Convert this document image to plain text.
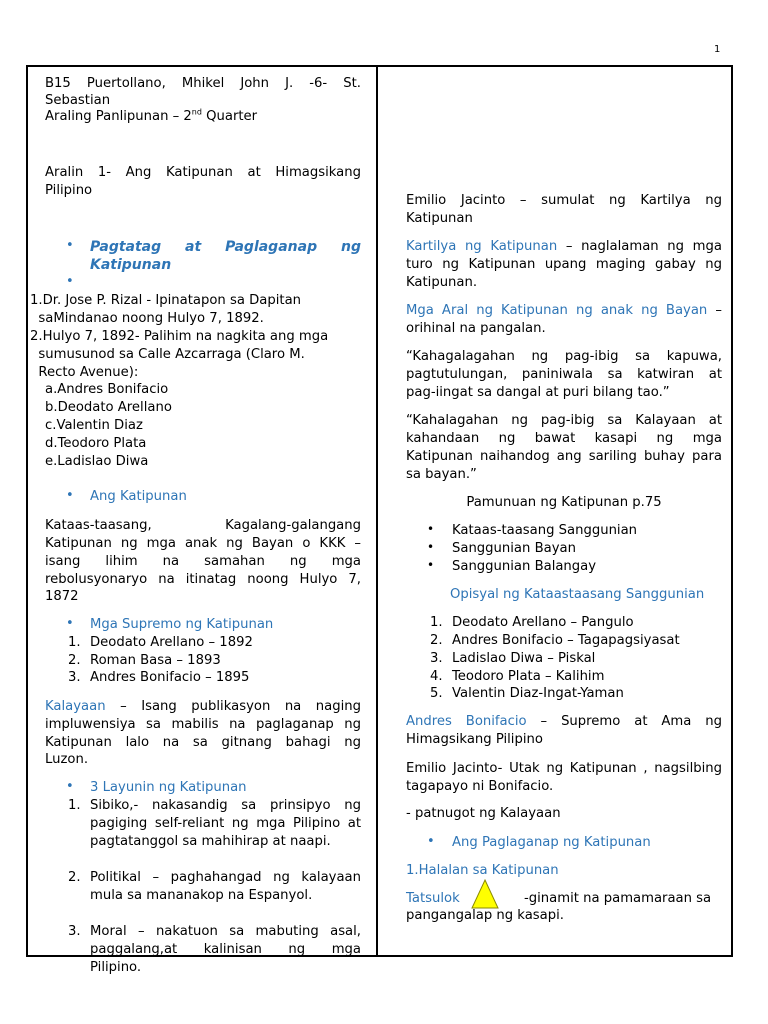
1
B15 Puertollano, Mhikel John J. -6- St.
Sebastian
Araling Panlipunan – 2nd Quarter
Aralin 1- Ang Katipunan at Himagsikang
Pilipino
• Pagtatag at Paglaganap ng
Katipunan
•
1.Dr. Jose P. Rizal - Ipinatapon sa Dapitan
saMindanao noong Hulyo 7, 1892.
2.Hulyo 7, 1892- Palihim na nagkita ang mga
sumusunod sa Calle Azcarraga (Claro M.
Recto Avenue):
a.Andres Bonifacio
b.Deodato Arellano
c.Valentin Diaz
d.Teodoro Plata
e.Ladislao Diwa
• Ang Katipunan
Kataas-taasang, Kagalang-galangang
Katipunan ng mga anak ng Bayan o KKK –
isang lihim na samahan ng mga
rebolusyonaryo na itinatag noong Hulyo 7,
1872
• Mga Supremo ng Katipunan
1. Deodato Arellano – 1892
2. Roman Basa – 1893
3. Andres Bonifacio – 1895
Kalayaan – Isang publikasyon na naging
impluwensiya sa mabilis na paglaganap ng
Katipunan lalo na sa gitnang bahagi ng
Luzon.
• 3 Layunin ng Katipunan
1. Sibiko,- nakasandig sa prinsipyo ng
pagiging self-reliant ng mga Pilipino at
pagtatanggol sa mahihirap at naapi.
2. Politikal – paghahangad ng kalayaan
mula sa mananakop na Espanyol.
3. Moral – nakatuon sa mabuting asal,
paggalang,at kalinisan ng mga
Pilipino.
Emilio Jacinto – sumulat ng Kartilya ng
Katipunan
Kartilya ng Katipunan – naglalaman ng mga
turo ng Katipunan upang maging gabay ng
Katipunan.
Mga Aral ng Katipunan ng anak ng Bayan –
orihinal na pangalan.
“Kahagalagahan ng pag-ibig sa kapuwa,
pagtutulungan, paniniwala sa katwiran at
pag-iingat sa dangal at puri bilang tao.”
“Kahalagahan ng pag-ibig sa Kalayaan at
kahandaan ng bawat kasapi ng mga
Katipunan naihandog ang sariling buhay para
sa bayan.”
Pamunuan ng Katipunan p.75
• Kataas-taasang Sanggunian
• Sanggunian Bayan
• Sanggunian Balangay
Opisyal ng Kataastaasang Sanggunian
1. Deodato Arellano – Pangulo
2. Andres Bonifacio – Tagapagsiyasat
3. Ladislao Diwa – Piskal
4. Teodoro Plata – Kalihim
5. Valentin Diaz-Ingat-Yaman
Andres Bonifacio – Supremo at Ama ng
Himagsikang Pilipino
Emilio Jacinto- Utak ng Katipunan , nagsilbing
tagapayo ni Bonifacio.
- patnugot ng Kalayaan
• Ang Paglaganap ng Katipunan
1.Halalan sa Katipunan
Tatsulok	-ginamit na pamamaraan sa
pangangalap ng kasapi.
